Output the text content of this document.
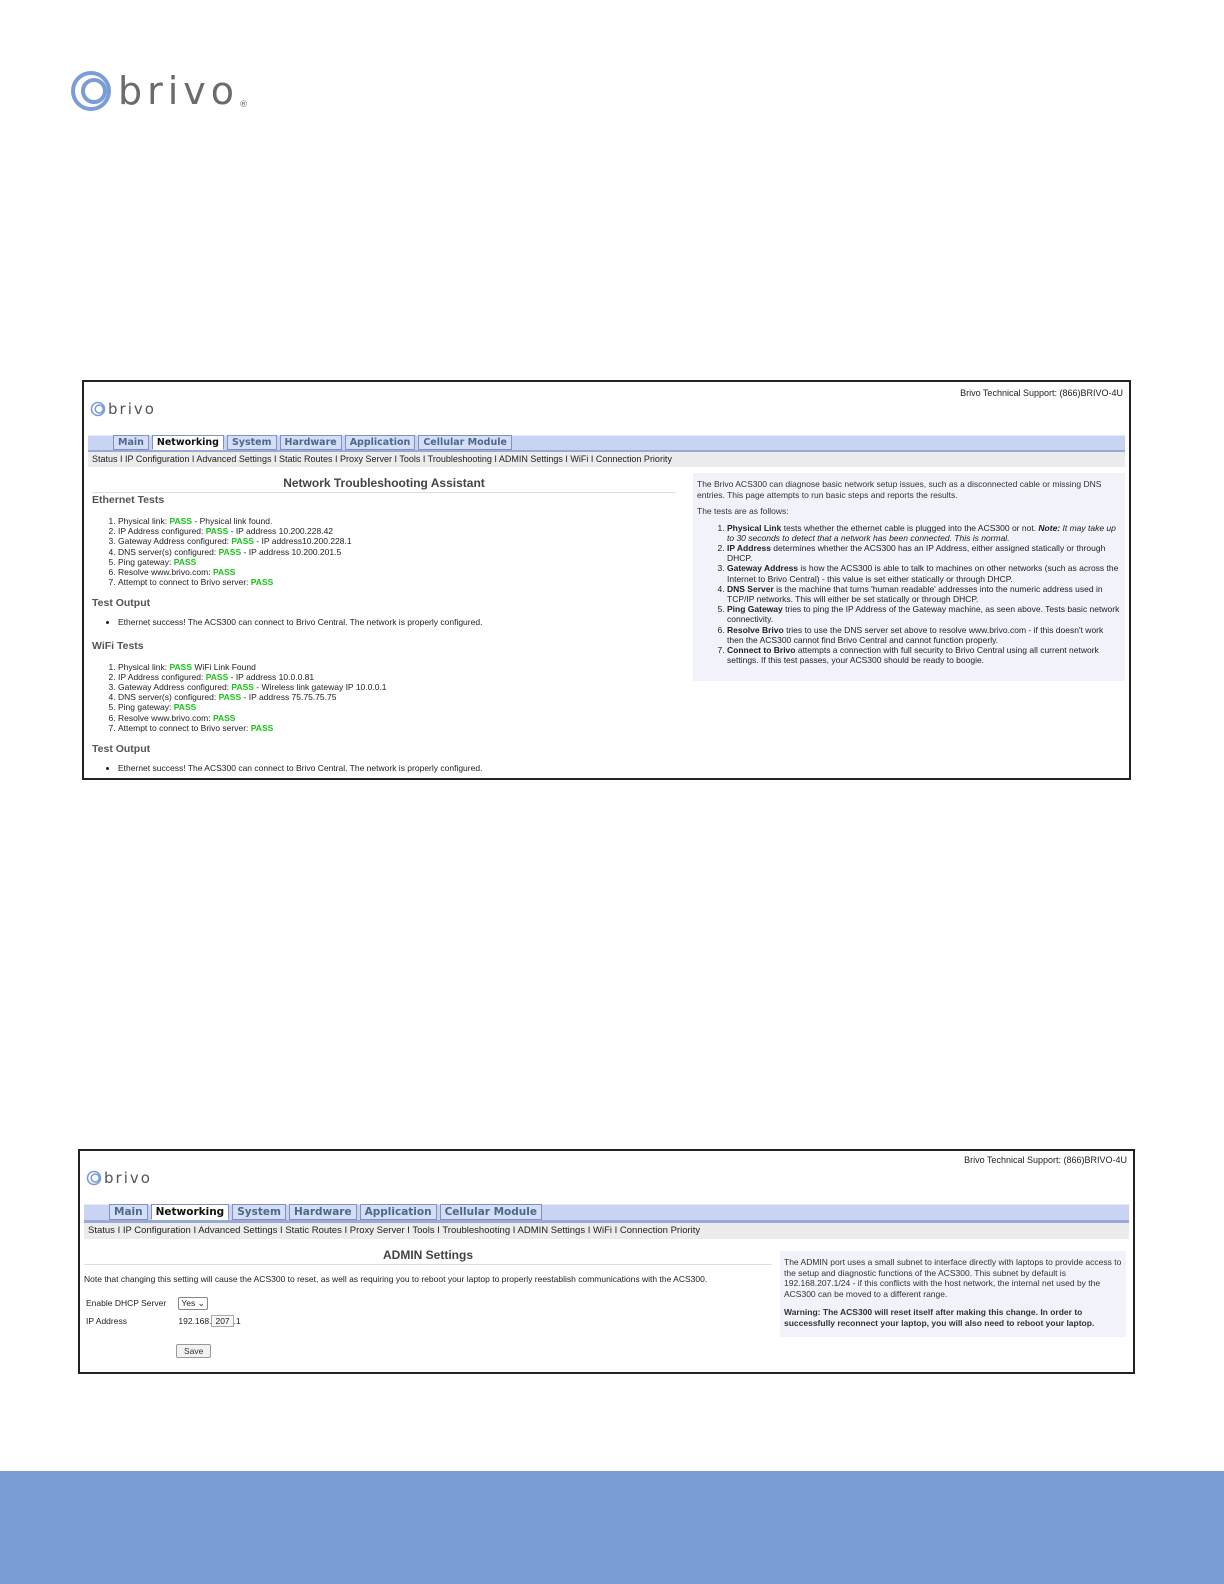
brivo®
Brivo Technical Support: (866)BRIVO-4U
brivo
Main	Networking	System	Hardware	Application	Cellular Module
Status I IP Configuration I Advanced Settings I Static Routes I Proxy Server I Tools I Troubleshooting I ADMIN Settings I WiFi I Connection Priority
Network Troubleshooting Assistant

Ethernet Tests

1. Physical link: PASS - Physical link found.
2. IP Address configured: PASS - IP address 10.200.228.42
3. Gateway Address configured: PASS - IP address10.200.228.1
4. DNS server(s) configured: PASS - IP address 10.200.201.5
5. Ping gateway: PASS
6. Resolve www.brivo.com: PASS
7. Attempt to connect to Brivo server: PASS

Test Output

• Ethernet success! The ACS300 can connect to Brivo Central. The network is properly configured.

WiFi Tests

1. Physical link: PASS WiFi Link Found
2. IP Address configured: PASS - IP address 10.0.0.81
3. Gateway Address configured: PASS - Wireless link gateway IP 10.0.0.1
4. DNS server(s) configured: PASS - IP address 75.75.75.75
5. Ping gateway: PASS
6. Resolve www.brivo.com: PASS
7. Attempt to connect to Brivo server: PASS

Test Output

• Ethernet success! The ACS300 can connect to Brivo Central. The network is properly configured.

The Brivo ACS300 can diagnose basic network setup issues, such as a disconnected cable or missing DNS entries. This page attempts to run basic steps and reports the results.

The tests are as follows:

1. Physical Link tests whether the ethernet cable is plugged into the ACS300 or not. Note: It may take up to 30 seconds to detect that a network has been connected. This is normal.
2. IP Address determines whether the ACS300 has an IP Address, either assigned statically or through DHCP.
3. Gateway Address is how the ACS300 is able to talk to machines on other networks (such as across the Internet to Brivo Central) - this value is set either statically or through DHCP.
4. DNS Server is the machine that turns 'human readable' addresses into the numeric address used in TCP/IP networks. This will either be set statically or through DHCP.
5. Ping Gateway tries to ping the IP Address of the Gateway machine, as seen above. Tests basic network connectivity.
6. Resolve Brivo tries to use the DNS server set above to resolve www.brivo.com - if this doesn't work then the ACS300 cannot find Brivo Central and cannot function properly.
7. Connect to Brivo attempts a connection with full security to Brivo Central using all current network settings. If this test passes, your ACS300 should be ready to boogie.
Brivo Technical Support: (866)BRIVO-4U
brivo
Main	Networking	System	Hardware	Application	Cellular Module
Status I IP Configuration I Advanced Settings I Static Routes I Proxy Server I Tools I Troubleshooting I ADMIN Settings I WiFi I Connection Priority
ADMIN Settings
Note that changing this setting will cause the ACS300 to reset, as well as requiring you to reboot your laptop to properly reestablish communications with the ACS300.
Enable DHCP Server Yes ⌄
IP Address	192.168. 207 .1
Save

The ADMIN port uses a small subnet to interface directly with laptops to provide access to the setup and diagnostic functions of the ACS300. This subnet by default is 192.168.207.1/24 - if this conflicts with the host network, the internal net used by the ACS300 can be moved to a different range.

Warning: The ACS300 will reset itself after making this change. In order to successfully reconnect your laptop, you will also need to reboot your laptop.
